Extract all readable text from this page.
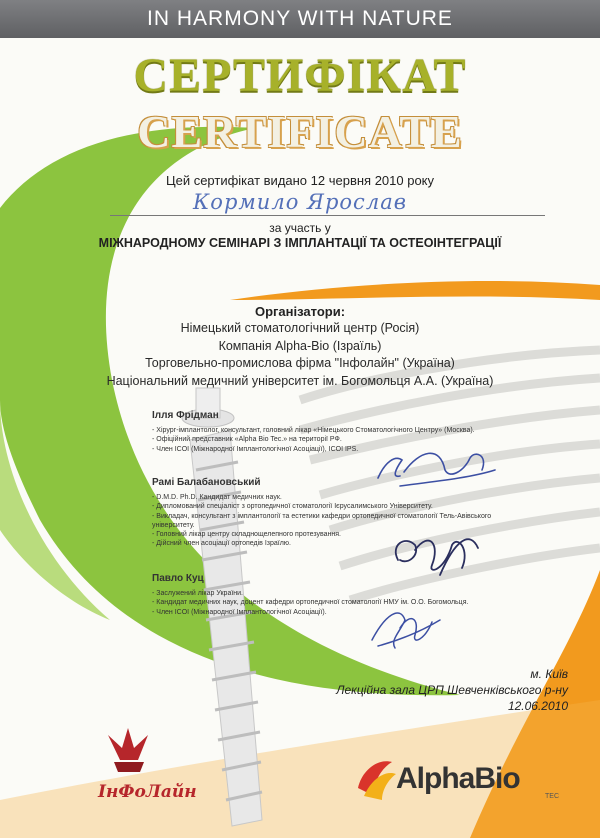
IN HARMONY WITH NATURE
СЕРТИФІКАТ
CERTIFICATE
Цей сертифікат видано 12 червня 2010 року
Кормило Ярослав
за участь у
МІЖНАРОДНОМУ СЕМІНАРІ З ІМПЛАНТАЦІЇ ТА ОСТЕОІНТЕГРАЦІЇ
Організатори:
Німецький стоматологічний центр (Росія)
Компанія Alpha-Bio (Ізраїль)
Торговельно-промислова фірма "Інфолайн" (Україна)
Національний медичний університет ім. Богомольця А.А. (Україна)
Ілля Фрідман
- Хірург-імплантолог, консультант, головний лікар «Німецького Стоматологічного Центру» (Москва).
- Офіційний представник «Alpha Bio Tec.» на території РФ.
- Член ICOI (Міжнародної Імплантологічної Асоціації), ICOI IPS.
Рамі Балабановський
- D.M.D. Ph.D. Кандидат медичних наук.
- Дипломований спеціаліст з ортопедичної стоматології Ієрусалимського Університету.
- Викладач, консультант з імплантології та естетики кафедри ортопедичної стоматології Тель-Авівського університету.
- Головний лікар центру складнощелепного протезування.
- Дійсний член асоціації ортопедів Ізраїлю.
Павло Куц
- Заслужений лікар України.
- Кандидат медичних наук, доцент кафедри ортопедичної стоматології НМУ ім. О.О. Богомольця.
- Член ICOI (Міжнародної Імплантологічної Асоціації).
м. Київ
Лекційна зала ЦРП Шевченківського р-ну
12.06.2010
ІнФоЛайн	AlphaBio
TEC
